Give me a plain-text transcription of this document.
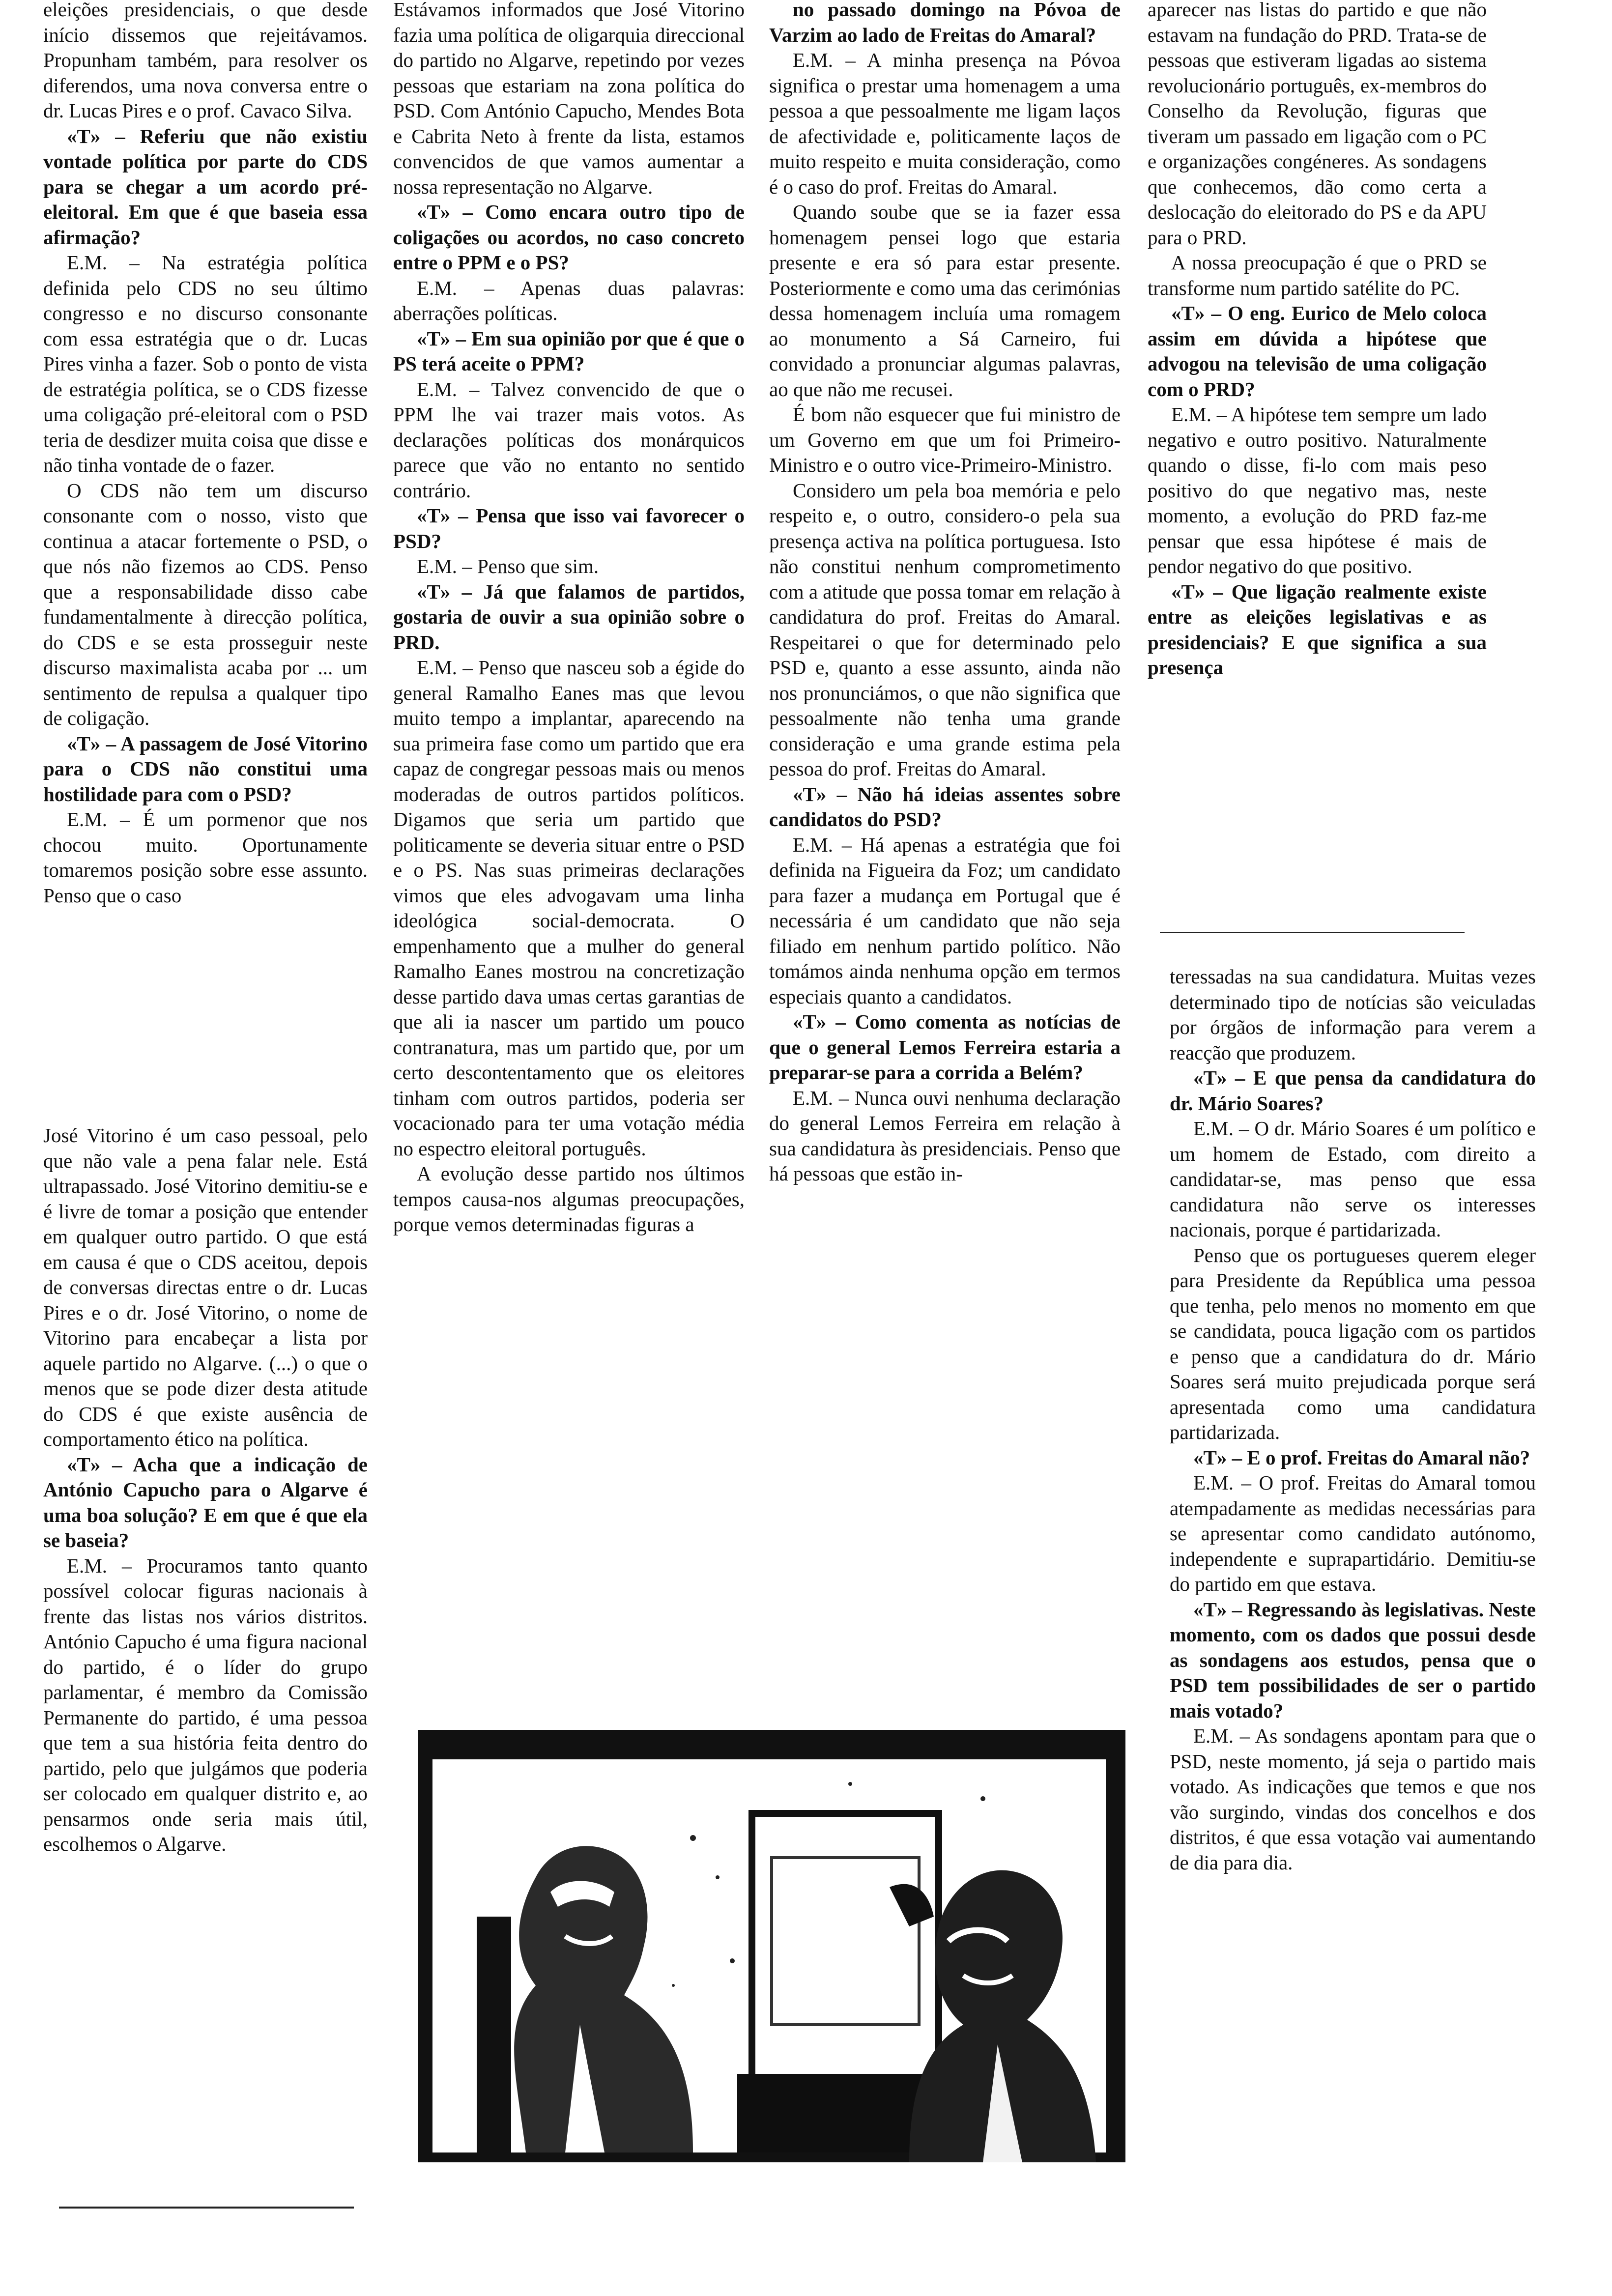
eleições presidenciais, o que desde início dissemos que rejeitávamos. Propunham também, para resolver os diferendos, uma nova conversa entre o dr. Lucas Pires e o prof. Cavaco Silva.

«T» – Referiu que não existiu vontade política por parte do CDS para se chegar a um acordo pré-eleitoral. Em que é que baseia essa afirmação?

E.M. – Na estratégia política definida pelo CDS no seu último congresso e no discurso consonante com essa estratégia que o dr. Lucas Pires vinha a fazer. Sob o ponto de vista de estratégia política, se o CDS fizesse uma coligação pré-eleitoral com o PSD teria de desdizer muita coisa que disse e não tinha vontade de o fazer.

O CDS não tem um discurso consonante com o nosso, visto que continua a atacar fortemente o PSD, o que nós não fizemos ao CDS. Penso que a responsabilidade disso cabe fundamentalmente à direcção política, do CDS e se esta prosseguir neste discurso maximalista acaba por ... um sentimento de repulsa a qualquer tipo de coligação.

«T» – A passagem de José Vitorino para o CDS não constitui uma hostilidade para com o PSD?

E.M. – É um pormenor que nos chocou muito. Oportunamente tomaremos posição sobre esse assunto. Penso que o caso

José Vitorino é um caso pessoal, pelo que não vale a pena falar nele. Está ultrapassado. José Vitorino demitiu-se e é livre de tomar a posição que entender em qualquer outro partido. O que está em causa é que o CDS aceitou, depois de conversas directas entre o dr. Lucas Pires e o dr. José Vitorino, o nome de Vitorino para encabeçar a lista por aquele partido no Algarve. (...) o que o menos que se pode dizer desta atitude do CDS é que existe ausência de comportamento ético na política.

«T» – Acha que a indicação de António Capucho para o Algarve é uma boa solução? E em que é que ela se baseia?

E.M. – Procuramos tanto quanto possível colocar figuras nacionais à frente das listas nos vários distritos. António Capucho é uma figura nacional do partido, é o líder do grupo parlamentar, é membro da Comissão Permanente do partido, é uma pessoa que tem a sua história feita dentro do partido, pelo que julgámos que poderia ser colocado em qualquer distrito e, ao pensarmos onde seria mais útil, escolhemos o Algarve.

Estávamos informados que José Vitorino fazia uma política de oligarquia direccional do partido no Algarve, repetindo por vezes pessoas que estariam na zona política do PSD. Com António Capucho, Mendes Bota e Cabrita Neto à frente da lista, estamos convencidos de que vamos aumentar a nossa representação no Algarve.

«T» – Como encara outro tipo de coligações ou acordos, no caso concreto entre o PPM e o PS?

E.M. – Apenas duas palavras: aberrações políticas.

«T» – Em sua opinião por que é que o PS terá aceite o PPM?

E.M. – Talvez convencido de que o PPM lhe vai trazer mais votos. As declarações políticas dos monárquicos parece que vão no entanto no sentido contrário.

«T» – Pensa que isso vai favorecer o PSD?

E.M. – Penso que sim.

«T» – Já que falamos de partidos, gostaria de ouvir a sua opinião sobre o PRD.

E.M. – Penso que nasceu sob a égide do general Ramalho Eanes mas que levou muito tempo a implantar, aparecendo na sua primeira fase como um partido que era capaz de congregar pessoas mais ou menos moderadas de outros partidos políticos. Digamos que seria um partido que politicamente se deveria situar entre o PSD e o PS. Nas suas primeiras declarações vimos que eles advogavam uma linha ideológica social-democrata. O empenhamento que a mulher do general Ramalho Eanes mostrou na concretização desse partido dava umas certas garantias de que ali ia nascer um partido um pouco contranatura, mas um partido que, por um certo descontentamento que os eleitores tinham com outros partidos, poderia ser vocacionado para ter uma votação média no espectro eleitoral português.

A evolução desse partido nos últimos tempos causa-nos algumas preocupações, porque vemos determinadas figuras a

no passado domingo na Póvoa de Varzim ao lado de Freitas do Amaral?

E.M. – A minha presença na Póvoa significa o prestar uma homenagem a uma pessoa a que pessoalmente me ligam laços de afectividade e, politicamente laços de muito respeito e muita consideração, como é o caso do prof. Freitas do Amaral.

Quando soube que se ia fazer essa homenagem pensei logo que estaria presente e era só para estar presente. Posteriormente e como uma das cerimónias dessa homenagem incluía uma romagem ao monumento a Sá Carneiro, fui convidado a pronunciar algumas palavras, ao que não me recusei.

É bom não esquecer que fui ministro de um Governo em que um foi Primeiro-Ministro e o outro vice-Primeiro-Ministro.

Considero um pela boa memória e pelo respeito e, o outro, considero-o pela sua presença activa na política portuguesa. Isto não constitui nenhum comprometimento com a atitude que possa tomar em relação à candidatura do prof. Freitas do Amaral. Respeitarei o que for determinado pelo PSD e, quanto a esse assunto, ainda não nos pronunciámos, o que não significa que pessoalmente não tenha uma grande consideração e uma grande estima pela pessoa do prof. Freitas do Amaral.

«T» – Não há ideias assentes sobre candidatos do PSD?

E.M. – Há apenas a estratégia que foi definida na Figueira da Foz; um candidato para fazer a mudança em Portugal que é necessária é um candidato que não seja filiado em nenhum partido político. Não tomámos ainda nenhuma opção em termos especiais quanto a candidatos.

«T» – Como comenta as notícias de que o general Lemos Ferreira estaria a preparar-se para a corrida a Belém?

E.M. – Nunca ouvi nenhuma declaração do general Lemos Ferreira em relação à sua candidatura às presidenciais. Penso que há pessoas que estão in-

aparecer nas listas do partido e que não estavam na fundação do PRD. Trata-se de pessoas que estiveram ligadas ao sistema revolucionário português, ex-membros do Conselho da Revolução, figuras que tiveram um passado em ligação com o PC e organizações congéneres. As sondagens que conhecemos, dão como certa a deslocação do eleitorado do PS e da APU para o PRD.

A nossa preocupação é que o PRD se transforme num partido satélite do PC.

«T» – O eng. Eurico de Melo coloca assim em dúvida a hipótese que advogou na televisão de uma coligação com o PRD?

E.M. – A hipótese tem sempre um lado negativo e outro positivo. Naturalmente quando o disse, fi-lo com mais peso positivo do que negativo mas, neste momento, a evolução do PRD faz-me pensar que essa hipótese é mais de pendor negativo do que positivo.

«T» – Que ligação realmente existe entre as eleições legislativas e as presidenciais? E que significa a sua presença

teressadas na sua candidatura. Muitas vezes determinado tipo de notícias são veiculadas por órgãos de informação para verem a reacção que produzem.

«T» – E que pensa da candidatura do dr. Mário Soares?

E.M. – O dr. Mário Soares é um político e um homem de Estado, com direito a candidatar-se, mas penso que essa candidatura não serve os interesses nacionais, porque é partidarizada.

Penso que os portugueses querem eleger para Presidente da República uma pessoa que tenha, pelo menos no momento em que se candidata, pouca ligação com os partidos e penso que a candidatura do dr. Mário Soares será muito prejudicada porque será apresentada como uma candidatura partidarizada.

«T» – E o prof. Freitas do Amaral não?

E.M. – O prof. Freitas do Amaral tomou atempadamente as medidas necessárias para se apresentar como candidato autónomo, independente e suprapartidário. Demitiu-se do partido em que estava.

«T» – Regressando às legislativas. Neste momento, com os dados que possui desde as sondagens aos estudos, pensa que o PSD tem possibilidades de ser o partido mais votado?

E.M. – As sondagens apontam para que o PSD, neste momento, já seja o partido mais votado. As indicações que temos e que nos vão surgindo, vindas dos concelhos e dos distritos, é que essa votação vai aumentando de dia para dia.
